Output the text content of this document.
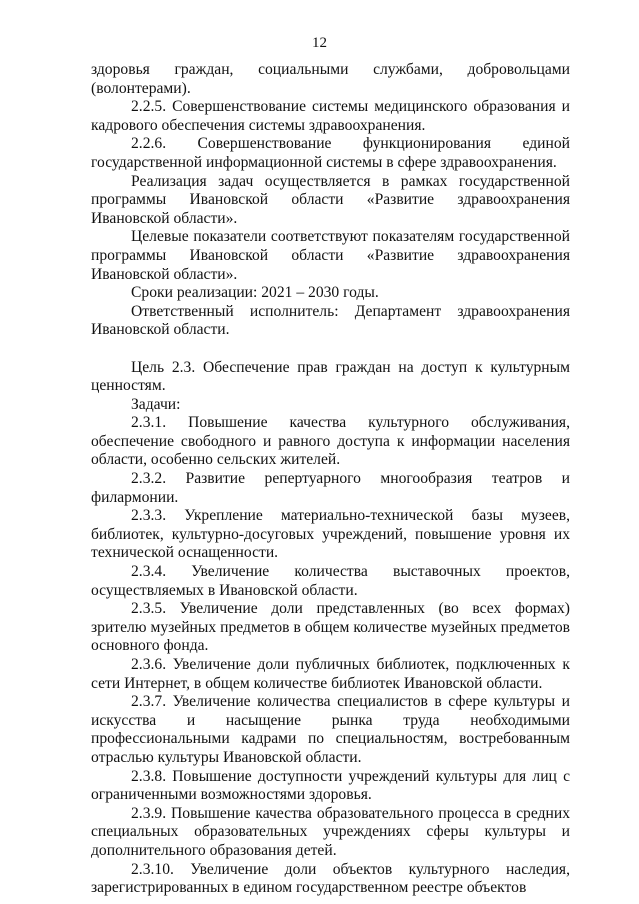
12

здоровья граждан, социальными службами, добровольцами (волонтерами).

2.2.5. Совершенствование системы медицинского образования и кадрового обеспечения системы здравоохранения.

2.2.6. Совершенствование функционирования единой государственной информационной системы в сфере здравоохранения.

Реализация задач осуществляется в рамках государственной программы Ивановской области «Развитие здравоохранения Ивановской области».

Целевые показатели соответствуют показателям государственной программы Ивановской области «Развитие здравоохранения Ивановской области».

Сроки реализации: 2021 – 2030 годы.

Ответственный исполнитель: Департамент здравоохранения Ивановской области.

Цель 2.3. Обеспечение прав граждан на доступ к культурным ценностям.

Задачи:

2.3.1. Повышение качества культурного обслуживания, обеспечение свободного и равного доступа к информации населения области, особенно сельских жителей.

2.3.2. Развитие репертуарного многообразия театров и филармонии.

2.3.3. Укрепление материально-технической базы музеев, библиотек, культурно-досуговых учреждений, повышение уровня их технической оснащенности.

2.3.4. Увеличение количества выставочных проектов, осуществляемых в Ивановской области.

2.3.5. Увеличение доли представленных (во всех формах) зрителю музейных предметов в общем количестве музейных предметов основного фонда.

2.3.6. Увеличение доли публичных библиотек, подключенных к сети Интернет, в общем количестве библиотек Ивановской области.

2.3.7. Увеличение количества специалистов в сфере культуры и искусства и насыщение рынка труда необходимыми профессиональными кадрами по специальностям, востребованным отраслью культуры Ивановской области.

2.3.8. Повышение доступности учреждений культуры для лиц с ограниченными возможностями здоровья.

2.3.9. Повышение качества образовательного процесса в средних специальных образовательных учреждениях сферы культуры и дополнительного образования детей.

2.3.10. Увеличение доли объектов культурного наследия, зарегистрированных в едином государственном реестре объектов
